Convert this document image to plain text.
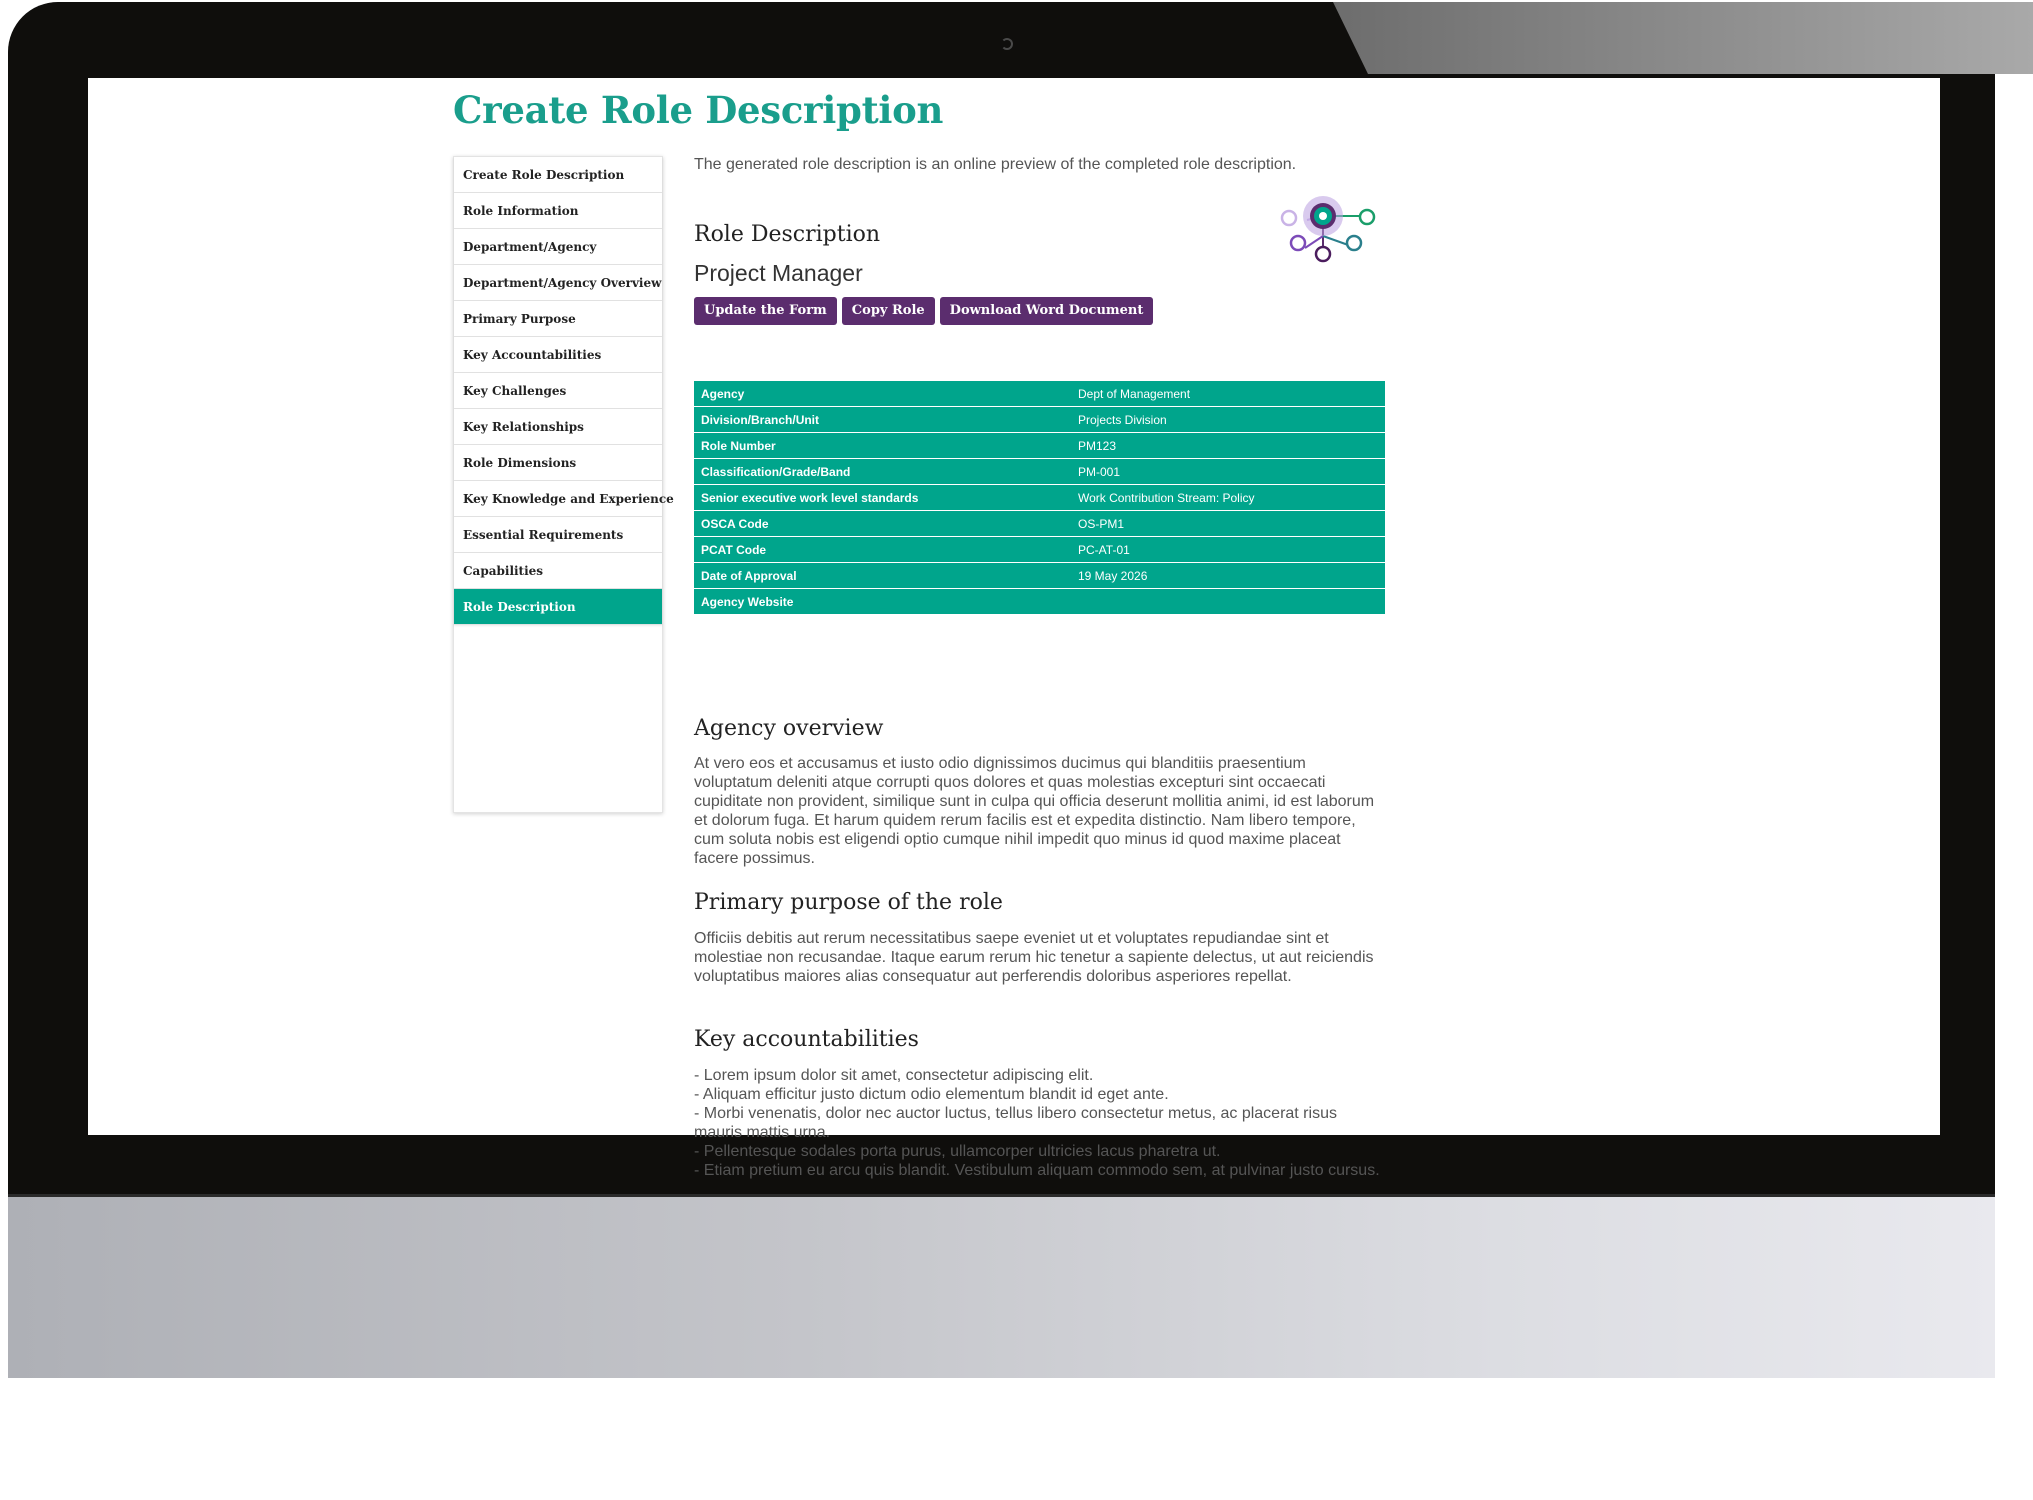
Create Role Description
Create Role Description
Role Information
Department/Agency
Department/Agency Overview
Primary Purpose
Key Accountabilities
Key Challenges
Key Relationships
Role Dimensions
Key Knowledge and Experience
Essential Requirements
Capabilities
Role Description

The generated role description is an online preview of the completed role description.

Role Description
Project Manager
Update the Form	Copy Role	Download Word Document
Agency	Dept of Management
Division/Branch/Unit	Projects Division
Role Number	PM123
Classification/Grade/Band	PM-001
Senior executive work level standards	Work Contribution Stream: Policy
OSCA Code	OS-PM1
PCAT Code	PC-AT-01
Date of Approval	19 May 2026
Agency Website	
Agency overview

At vero eos et accusamus et iusto odio dignissimos ducimus qui blanditiis praesentium voluptatum deleniti atque corrupti quos dolores et quas molestias excepturi sint occaecati cupiditate non provident, similique sunt in culpa qui officia deserunt mollitia animi, id est laborum et dolorum fuga. Et harum quidem rerum facilis est et expedita distinctio. Nam libero tempore, cum soluta nobis est eligendi optio cumque nihil impedit quo minus id quod maxime placeat facere possimus.

Primary purpose of the role

Officiis debitis aut rerum necessitatibus saepe eveniet ut et voluptates repudiandae sint et molestiae non recusandae. Itaque earum rerum hic tenetur a sapiente delectus, ut aut reiciendis voluptatibus maiores alias consequatur aut perferendis doloribus asperiores repellat.

Key accountabilities
- Lorem ipsum dolor sit amet, consectetur adipiscing elit.
- Aliquam efficitur justo dictum odio elementum blandit id eget ante.
- Morbi venenatis, dolor nec auctor luctus, tellus libero consectetur metus, ac placerat risus mauris mattis urna.
- Pellentesque sodales porta purus, ullamcorper ultricies lacus pharetra ut.
- Etiam pretium eu arcu quis blandit. Vestibulum aliquam commodo sem, at pulvinar justo cursus.
